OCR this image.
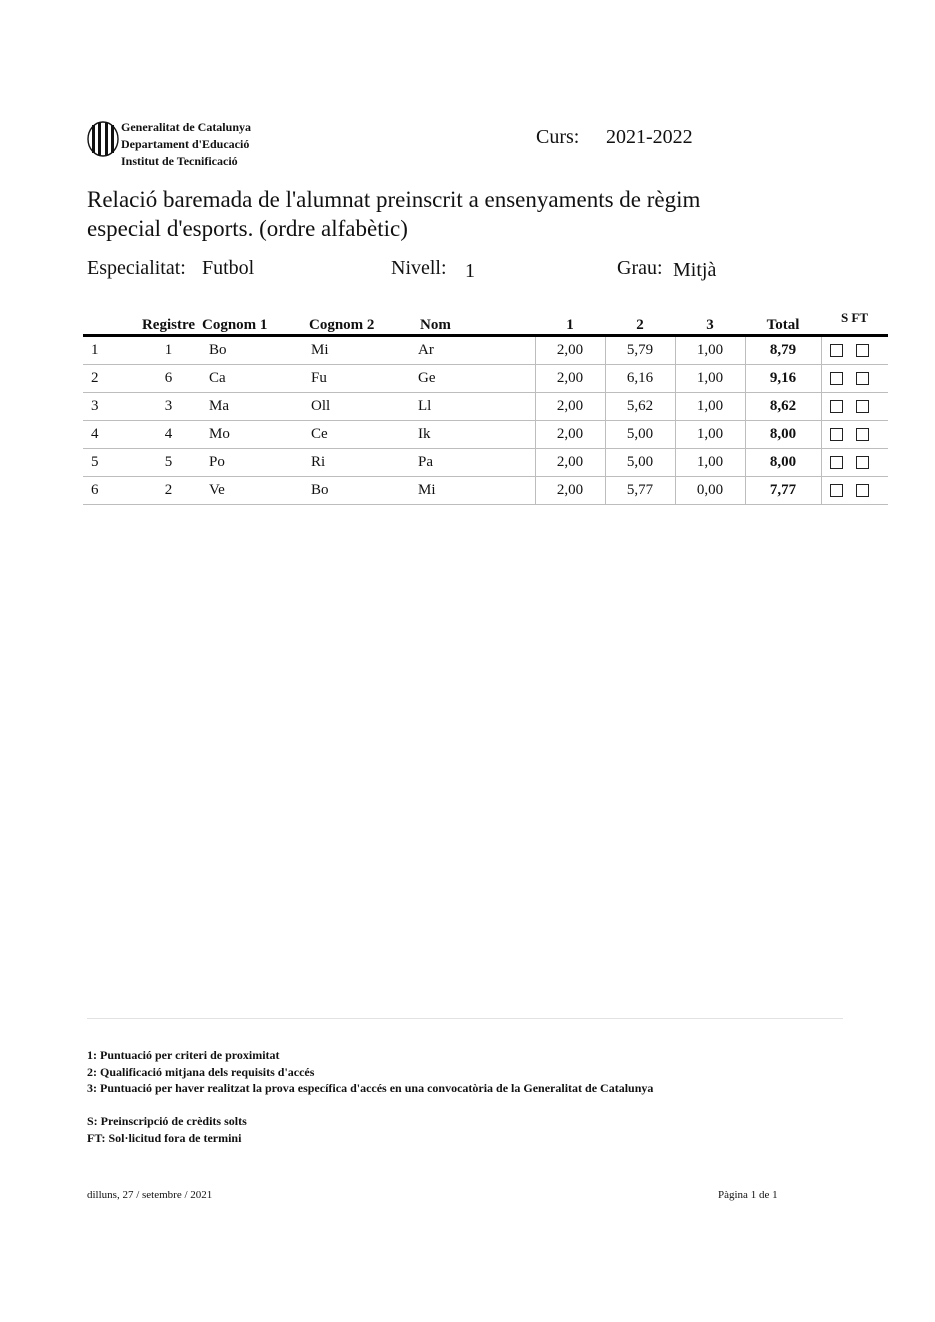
Generalitat de Catalunya
Departament d'Educació
Institut de Tecnificació
Curs: 2021-2022
Relació baremada de l'alumnat preinscrit a ensenyaments de règim
especial d'esports. (ordre alfabètic)
Especialitat: Futbol	Nivell: 1	Grau: Mitjà
	Registre	Cognom 1	Cognom 2	Nom	1	2	3	Total	S FT
1	1	Bo	Mi	Ar	2,00	5,79	1,00	8,79	
2	6	Ca	Fu	Ge	2,00	6,16	1,00	9,16	
3	3	Ma	Oll	Ll	2,00	5,62	1,00	8,62	
4	4	Mo	Ce	Ik	2,00	5,00	1,00	8,00	
5	5	Po	Ri	Pa	2,00	5,00	1,00	8,00	
6	2	Ve	Bo	Mi	2,00	5,77	0,00	7,77	
1: Puntuació per criteri de proximitat
2: Qualificació mitjana dels requisits d'accés
3: Puntuació per haver realitzat la prova específica d'accés en una convocatòria de la Generalitat de Catalunya
S: Preinscripció de crèdits solts
FT: Sol·licitud fora de termini
dilluns, 27 / setembre / 2021	Pàgina 1 de 1
